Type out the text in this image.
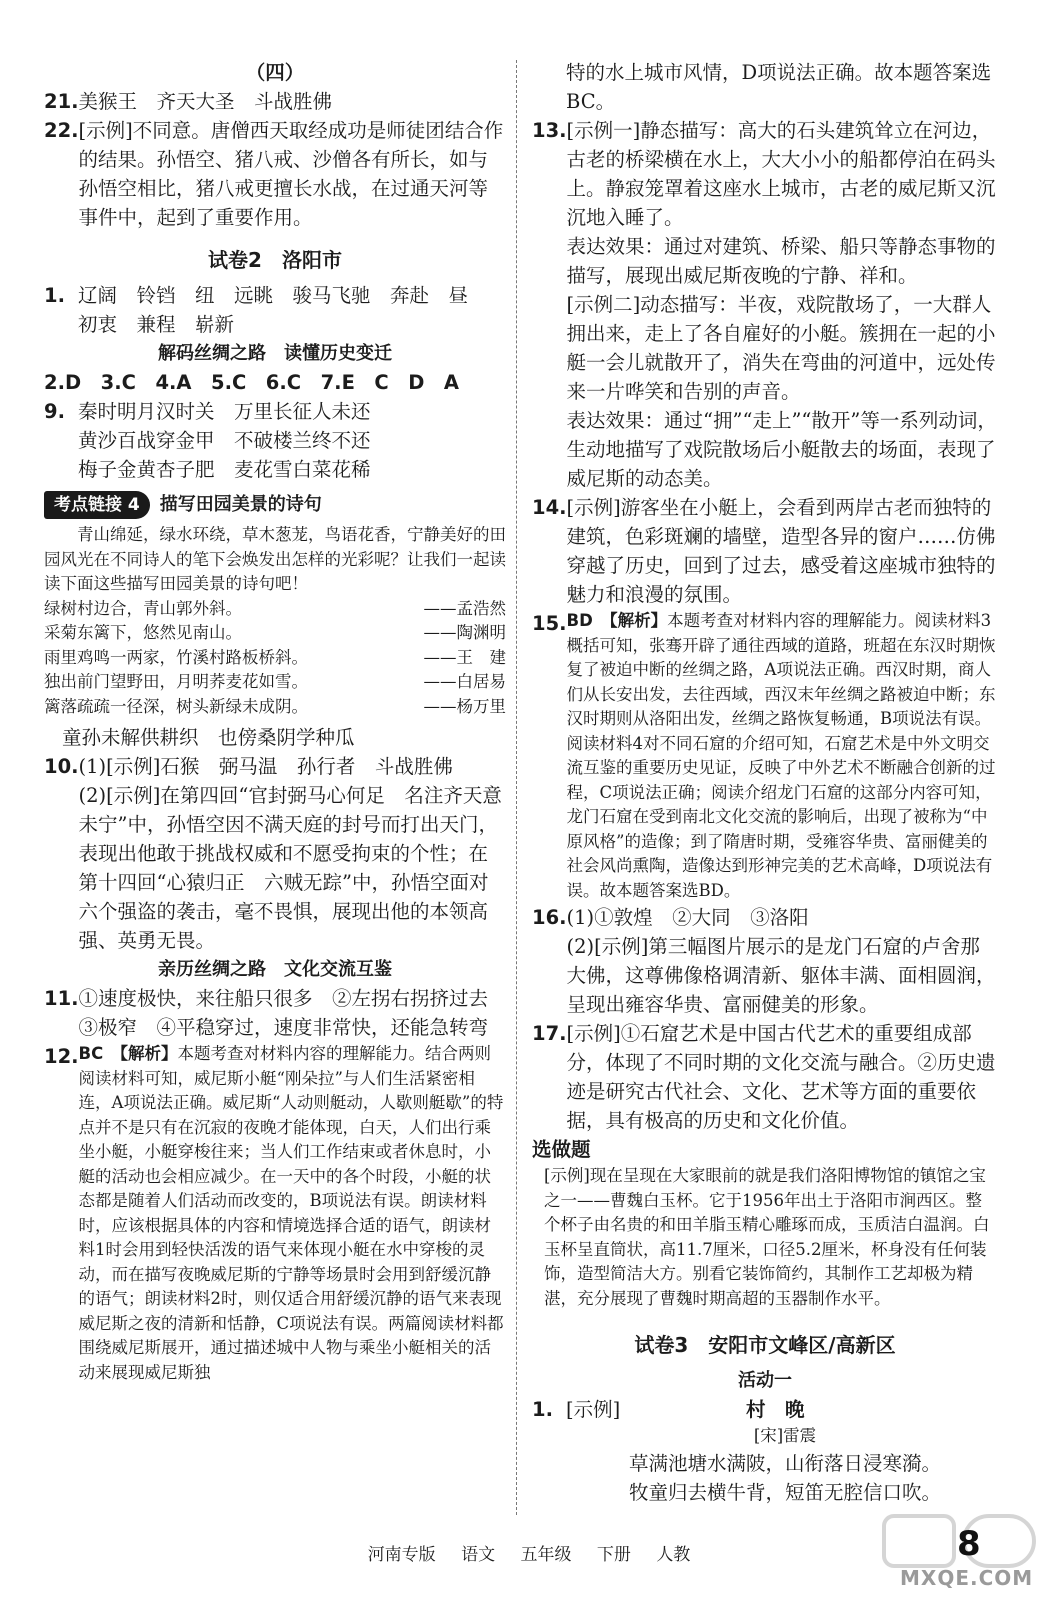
（四）
21. 美猴王　齐天大圣　斗战胜佛
22. [示例]不同意。唐僧西天取经成功是师徒团结合作的结果。孙悟空、猪八戒、沙僧各有所长，如与孙悟空相比，猪八戒更擅长水战，在过通天河等事件中，起到了重要作用。
试卷2　洛阳市
1. 辽阔　铃铛　纽　远眺　骏马飞驰　奔赴　昼
初衷　兼程　崭新
解码丝绸之路　读懂历史变迁
2.D　3.C　4.A　5.C　6.C　7.E　C　D　A
9. 秦时明月汉时关　万里长征人未还
黄沙百战穿金甲　不破楼兰终不还
梅子金黄杏子肥　麦花雪白菜花稀
考点链接 4	描写田园美景的诗句
青山绵延，绿水环绕，草木葱茏，鸟语花香，宁静美好的田园风光在不同诗人的笔下会焕发出怎样的光彩呢？让我们一起读读下面这些描写田园美景的诗句吧！
绿树村边合，青山郭外斜。	——孟浩然
采菊东篱下，悠然见南山。	——陶渊明
雨里鸡鸣一两家，竹溪村路板桥斜。	——王　建
独出前门望野田，月明荞麦花如雪。	——白居易
篱落疏疏一径深，树头新绿未成阴。	——杨万里
童孙未解供耕织　也傍桑阴学种瓜
10. (1)[示例]石猴　弼马温　孙行者　斗战胜佛
(2)[示例]在第四回“官封弼马心何足　名注齐天意未宁”中，孙悟空因不满天庭的封号而打出天门，表现出他敢于挑战权威和不愿受拘束的个性；在第十四回“心猿归正　六贼无踪”中，孙悟空面对六个强盗的袭击，毫不畏惧，展现出他的本领高强、英勇无畏。
亲历丝绸之路　文化交流互鉴
11. ①速度极快，来往船只很多　②左拐右拐挤过去
③极窄　④平稳穿过，速度非常快，还能急转弯
12. BC　【解析】本题考查对材料内容的理解能力。结合两则阅读材料可知，威尼斯小艇“刚朵拉”与人们生活紧密相连，A项说法正确。威尼斯“人动则艇动，人歇则艇歇”的特点并不是只有在沉寂的夜晚才能体现，白天，人们出行乘坐小艇，小艇穿梭往来；当人们工作结束或者休息时，小艇的活动也会相应减少。在一天中的各个时段，小艇的状态都是随着人们活动而改变的，B项说法有误。朗读材料时，应该根据具体的内容和情境选择合适的语气，朗读材料1时会用到轻快活泼的语气来体现小艇在水中穿梭的灵动，而在描写夜晚威尼斯的宁静等场景时会用到舒缓沉静的语气；朗读材料2时，则仅适合用舒缓沉静的语气来表现威尼斯之夜的清新和恬静，C项说法有误。两篇阅读材料都围绕威尼斯展开，通过描述城中人物与乘坐小艇相关的活动来展现威尼斯独
特的水上城市风情，D项说法正确。故本题答案选BC。
13. [示例一]静态描写：高大的石头建筑耸立在河边，古老的桥梁横在水上，大大小小的船都停泊在码头上。静寂笼罩着这座水上城市，古老的威尼斯又沉沉地入睡了。
表达效果：通过对建筑、桥梁、船只等静态事物的描写，展现出威尼斯夜晚的宁静、祥和。
[示例二]动态描写：半夜，戏院散场了，一大群人拥出来，走上了各自雇好的小艇。簇拥在一起的小艇一会儿就散开了，消失在弯曲的河道中，远处传来一片哗笑和告别的声音。
表达效果：通过“拥”“走上”“散开”等一系列动词，生动地描写了戏院散场后小艇散去的场面，表现了威尼斯的动态美。
14. [示例]游客坐在小艇上，会看到两岸古老而独特的建筑，色彩斑斓的墙壁，造型各异的窗户……仿佛穿越了历史，回到了过去，感受着这座城市独特的魅力和浪漫的氛围。
15. BD　【解析】本题考查对材料内容的理解能力。阅读材料3概括可知，张骞开辟了通往西域的道路，班超在东汉时期恢复了被迫中断的丝绸之路，A项说法正确。西汉时期，商人们从长安出发，去往西域，西汉末年丝绸之路被迫中断；东汉时期则从洛阳出发，丝绸之路恢复畅通，B项说法有误。阅读材料4对不同石窟的介绍可知，石窟艺术是中外文明交流互鉴的重要历史见证，反映了中外艺术不断融合创新的过程，C项说法正确；阅读介绍龙门石窟的这部分内容可知，龙门石窟在受到南北文化交流的影响后，出现了被称为“中原风格”的造像；到了隋唐时期，受雍容华贵、富丽健美的社会风尚熏陶，造像达到形神完美的艺术高峰，D项说法有误。故本题答案选BD。
16. (1)①敦煌　②大同　③洛阳
(2)[示例]第三幅图片展示的是龙门石窟的卢舍那大佛，这尊佛像格调清新、躯体丰满、面相圆润，呈现出雍容华贵、富丽健美的形象。
17. [示例]①石窟艺术是中国古代艺术的重要组成部分，体现了不同时期的文化交流与融合。②历史遗迹是研究古代社会、文化、艺术等方面的重要依据，具有极高的历史和文化价值。
选做题
[示例]现在呈现在大家眼前的就是我们洛阳博物馆的镇馆之宝之一——曹魏白玉杯。它于1956年出土于洛阳市涧西区。整个杯子由名贵的和田羊脂玉精心雕琢而成，玉质洁白温润。白玉杯呈直筒状，高11.7厘米，口径5.2厘米，杯身没有任何装饰，造型简洁大方。别看它装饰简约，其制作工艺却极为精湛，充分展现了曹魏时期高超的玉器制作水平。
试卷3　安阳市文峰区/高新区
活动一
1. [示例]	村　晚
[宋]雷震
草满池塘水满陂，山衔落日浸寒漪。
牧童归去横牛背，短笛无腔信口吹。
河南专版 语文 五年级 下册 人教	8
MXQE.COM
